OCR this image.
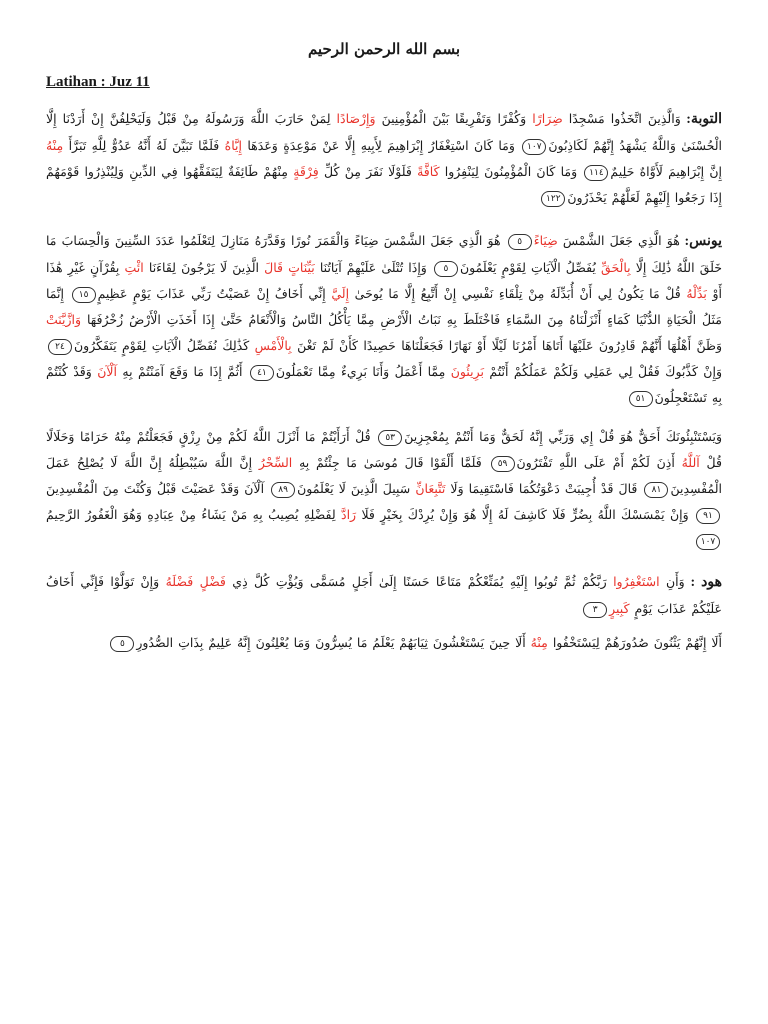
بسم الله الرحمن الرحيم
Latihan : Juz 11
التوبة: وَالَّذِينَ اتَّخَذُوا مَسْجِدًا ضِرَارًا وَكُفْرًا وَتَفْرِيقًا بَيْنَ الْمُؤْمِنِينَ وَإِرْصَادًا لِمَنْ حَارَبَ اللَّهَ وَرَسُولَهُ مِنْ قَبْلُ وَلَيَحْلِفُنَّ إِنْ أَرَدْنَا إِلَّا الْحُسْنَىٰ وَاللَّهُ يَشْهَدُ إِنَّهُمْ لَكَاذِبُونَ١٠٧ وَمَا كَانَ اسْتِغْفَارُ إِبْرَاهِيمَ لِأَبِيهِ إِلَّا عَنْ مَوْعِدَةٍ وَعَدَهَا إِيَّاهُ فَلَمَّا تَبَيَّنَ لَهُ أَنَّهُ عَدُوٌّ لِلَّهِ تَبَرَّأَ مِنْهُ إِنَّ إِبْرَاهِيمَ لَأَوَّاهٌ حَلِيمٌ١١٤ وَمَا كَانَ الْمُؤْمِنُونَ لِيَنْفِرُوا كَافَّةً فَلَوْلَا نَفَرَ مِنْ كُلِّ فِرْقَةٍ مِنْهُمْ طَائِفَةٌ لِيَتَفَقَّهُوا فِي الدِّينِ وَلِيُنْذِرُوا قَوْمَهُمْ إِذَا رَجَعُوا إِلَيْهِمْ لَعَلَّهُمْ يَحْذَرُونَ١٢٢
يونس: هُوَ الَّذِي جَعَلَ الشَّمْسَ ضِيَاءً٥ هُوَ الَّذِي جَعَلَ الشَّمْسَ ضِيَاءً وَالْقَمَرَ نُورًا وَقَدَّرَهُ مَنَازِلَ لِتَعْلَمُوا عَدَدَ السِّنِينَ وَالْحِسَابَ مَا خَلَقَ اللَّهُ ذَٰلِكَ إِلَّا بِالْحَقِّ يُفَصِّلُ الْآيَاتِ لِقَوْمٍ يَعْلَمُونَ٥ وَإِذَا تُتْلَىٰ عَلَيْهِمْ آيَاتُنَا بَيِّنَاتٍ قَالَ الَّذِينَ لَا يَرْجُونَ لِقَاءَنَا ائْتِ بِقُرْآنٍ غَيْرِ هَٰذَا أَوْ بَدِّلْهُ قُلْ مَا يَكُونُ لِي أَنْ أُبَدِّلَهُ مِنْ تِلْقَاءِ نَفْسِي إِنْ أَتَّبِعُ إِلَّا مَا يُوحَىٰ إِلَيَّ إِنِّي أَخَافُ إِنْ عَصَيْتُ رَبِّي عَذَابَ يَوْمٍ عَظِيمٍ١٥ إِنَّمَا مَثَلُ الْحَيَاةِ الدُّنْيَا كَمَاءٍ أَنْزَلْنَاهُ مِنَ السَّمَاءِ فَاخْتَلَطَ بِهِ نَبَاتُ الْأَرْضِ مِمَّا يَأْكُلُ النَّاسُ وَالْأَنْعَامُ حَتَّىٰ إِذَا أَخَذَتِ الْأَرْضُ زُخْرُفَهَا وَازَّيَّنَتْ وَظَنَّ أَهْلُهَا أَنَّهُمْ قَادِرُونَ عَلَيْهَا أَتَاهَا أَمْرُنَا لَيْلًا أَوْ نَهَارًا فَجَعَلْنَاهَا حَصِيدًا كَأَنْ لَمْ تَغْنَ بِالْأَمْسِ كَذَٰلِكَ نُفَصِّلُ الْآيَاتِ لِقَوْمٍ يَتَفَكَّرُونَ٢٤ وَإِنْ كَذَّبُوكَ فَقُلْ لِي عَمَلِي وَلَكُمْ عَمَلُكُمْ أَنْتُمْ بَرِيئُونَ مِمَّا أَعْمَلُ وَأَنَا بَرِيءٌ مِمَّا تَعْمَلُونَ٤١ أَثُمَّ إِذَا مَا وَقَعَ آمَنْتُمْ بِهِ آلْآنَ وَقَدْ كُنْتُمْ بِهِ تَسْتَعْجِلُونَ٥١
وَيَسْتَنْبِئُونَكَ أَحَقٌّ هُوَ قُلْ إِي وَرَبِّي إِنَّهُ لَحَقٌّ وَمَا أَنْتُمْ بِمُعْجِزِينَ٥٣ قُلْ أَرَأَيْتُمْ مَا أَنْزَلَ اللَّهُ لَكُمْ مِنْ رِزْقٍ فَجَعَلْتُمْ مِنْهُ حَرَامًا وَحَلَالًا قُلْ آللَّهُ أَذِنَ لَكُمْ أَمْ عَلَى اللَّهِ تَفْتَرُونَ٥٩ فَلَمَّا أَلْقَوْا قَالَ مُوسَىٰ مَا جِئْتُمْ بِهِ السِّحْرُ إِنَّ اللَّهَ سَيُبْطِلُهُ إِنَّ اللَّهَ لَا يُصْلِحُ عَمَلَ الْمُفْسِدِينَ٨١ قَالَ قَدْ أُجِيبَتْ دَعْوَتُكُمَا فَاسْتَقِيمَا وَلَا تَتَّبِعَانِّ سَبِيلَ الَّذِينَ لَا يَعْلَمُونَ٨٩ آلْآنَ وَقَدْ عَصَيْتَ قَبْلُ وَكُنْتَ مِنَ الْمُفْسِدِينَ٩١ وَإِنْ يَمْسَسْكَ اللَّهُ بِضُرٍّ فَلَا كَاشِفَ لَهُ إِلَّا هُوَ وَإِنْ يُرِدْكَ بِخَيْرٍ فَلَا رَادَّ لِفَضْلِهِ يُصِيبُ بِهِ مَنْ يَشَاءُ مِنْ عِبَادِهِ وَهُوَ الْغَفُورُ الرَّحِيمُ١٠٧
هود : وَأَنِ اسْتَغْفِرُوا رَبَّكُمْ ثُمَّ تُوبُوا إِلَيْهِ يُمَتِّعْكُمْ مَتَاعًا حَسَنًا إِلَىٰ أَجَلٍ مُسَمًّى وَيُؤْتِ كُلَّ ذِي فَضْلٍ فَضْلَهُ وَإِنْ تَوَلَّوْا فَإِنِّي أَخَافُ عَلَيْكُمْ عَذَابَ يَوْمٍ كَبِيرٍ٣
أَلَا إِنَّهُمْ يَثْنُونَ صُدُورَهُمْ لِيَسْتَخْفُوا مِنْهُ أَلَا حِينَ يَسْتَغْشُونَ ثِيَابَهُمْ يَعْلَمُ مَا يُسِرُّونَ وَمَا يُعْلِنُونَ إِنَّهُ عَلِيمٌ بِذَاتِ الصُّدُورِ٥
